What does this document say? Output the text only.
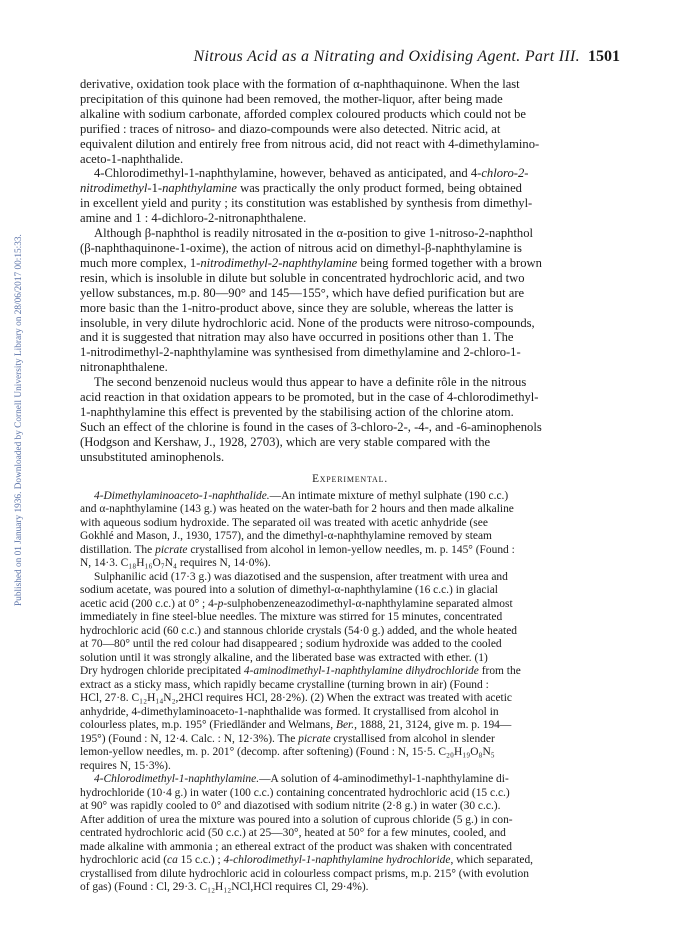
Published on 01 January 1936. Downloaded by Cornell University Library on 28/06/2017 00:15:33.
Nitrous Acid as a Nitrating and Oxidising Agent. Part III. 1501

derivative, oxidation took place with the formation of α-naphthaquinone. When the last
precipitation of this quinone had been removed, the mother-liquor, after being made
alkaline with sodium carbonate, afforded complex coloured products which could not be
purified : traces of nitroso- and diazo-compounds were also detected. Nitric acid, at
equivalent dilution and entirely free from nitrous acid, did not react with 4-dimethylamino-
aceto-1-naphthalide.

4-Chlorodimethyl-1-naphthylamine, however, behaved as anticipated, and 4-chloro-2-
nitrodimethyl-1-naphthylamine was practically the only product formed, being obtained
in excellent yield and purity ; its constitution was established by synthesis from dimethyl-
amine and 1 : 4-dichloro-2-nitronaphthalene.

Although β-naphthol is readily nitrosated in the α-position to give 1-nitroso-2-naphthol
(β-naphthaquinone-1-oxime), the action of nitrous acid on dimethyl-β-naphthylamine is
much more complex, 1-nitrodimethyl-2-naphthylamine being formed together with a brown
resin, which is insoluble in dilute but soluble in concentrated hydrochloric acid, and two
yellow substances, m.p. 80—90° and 145—155°, which have defied purification but are
more basic than the 1-nitro-product above, since they are soluble, whereas the latter is
insoluble, in very dilute hydrochloric acid. None of the products were nitroso-compounds,
and it is suggested that nitration may also have occurred in positions other than 1. The
1-nitrodimethyl-2-naphthylamine was synthesised from dimethylamine and 2-chloro-1-
nitronaphthalene.

The second benzenoid nucleus would thus appear to have a definite rôle in the nitrous
acid reaction in that oxidation appears to be promoted, but in the case of 4-chlorodimethyl-
1-naphthylamine this effect is prevented by the stabilising action of the chlorine atom.
Such an effect of the chlorine is found in the cases of 3-chloro-2-, -4-, and -6-aminophenols
(Hodgson and Kershaw, J., 1928, 2703), which are very stable compared with the
unsubstituted aminophenols.

Experimental.

4-Dimethylaminoaceto-1-naphthalide.—An intimate mixture of methyl sulphate (190 c.c.)
and α-naphthylamine (143 g.) was heated on the water-bath for 2 hours and then made alkaline
with aqueous sodium hydroxide. The separated oil was treated with acetic anhydride (see
Gokhlé and Mason, J., 1930, 1757), and the dimethyl-α-naphthylamine removed by steam
distillation. The picrate crystallised from alcohol in lemon-yellow needles, m. p. 145° (Found :
N, 14·3. C₁₈H₁₆O₇N₄ requires N, 14·0%).

Sulphanilic acid (17·3 g.) was diazotised and the suspension, after treatment with urea and
sodium acetate, was poured into a solution of dimethyl-α-naphthylamine (16 c.c.) in glacial
acetic acid (200 c.c.) at 0° ; 4-p-sulphobenzeneazodimethyl-α-naphthylamine separated almost
immediately in fine steel-blue needles. The mixture was stirred for 15 minutes, concentrated
hydrochloric acid (60 c.c.) and stannous chloride crystals (54·0 g.) added, and the whole heated
at 70—80° until the red colour had disappeared ; sodium hydroxide was added to the cooled
solution until it was strongly alkaline, and the liberated base was extracted with ether. (1)
Dry hydrogen chloride precipitated 4-aminodimethyl-1-naphthylamine dihydrochloride from the
extract as a sticky mass, which rapidly became crystalline (turning brown in air) (Found :
HCl, 27·8. C₁₂H₁₄N₂,2HCl requires HCl, 28·2%). (2) When the extract was treated with acetic
anhydride, 4-dimethylaminoaceto-1-naphthalide was formed. It crystallised from alcohol in
colourless plates, m.p. 195° (Friedländer and Welmans, Ber., 1888, 21, 3124, give m. p. 194—
195°) (Found : N, 12·4. Calc. : N, 12·3%). The picrate crystallised from alcohol in slender
lemon-yellow needles, m. p. 201° (decomp. after softening) (Found : N, 15·5. C₂₀H₁₉O₈N₅
requires N, 15·3%).

4-Chlorodimethyl-1-naphthylamine.—A solution of 4-aminodimethyl-1-naphthylamine di-
hydrochloride (10·4 g.) in water (100 c.c.) containing concentrated hydrochloric acid (15 c.c.)
at 90° was rapidly cooled to 0° and diazotised with sodium nitrite (2·8 g.) in water (30 c.c.).
After addition of urea the mixture was poured into a solution of cuprous chloride (5 g.) in con-
centrated hydrochloric acid (50 c.c.) at 25—30°, heated at 50° for a few minutes, cooled, and
made alkaline with ammonia ; an ethereal extract of the product was shaken with concentrated
hydrochloric acid (ca 15 c.c.) ; 4-chlorodimethyl-1-naphthylamine hydrochloride, which separated,
crystallised from dilute hydrochloric acid in colourless compact prisms, m.p. 215° (with evolution
of gas) (Found : Cl, 29·3. C₁₂H₁₂NCl,HCl requires Cl, 29·4%).
